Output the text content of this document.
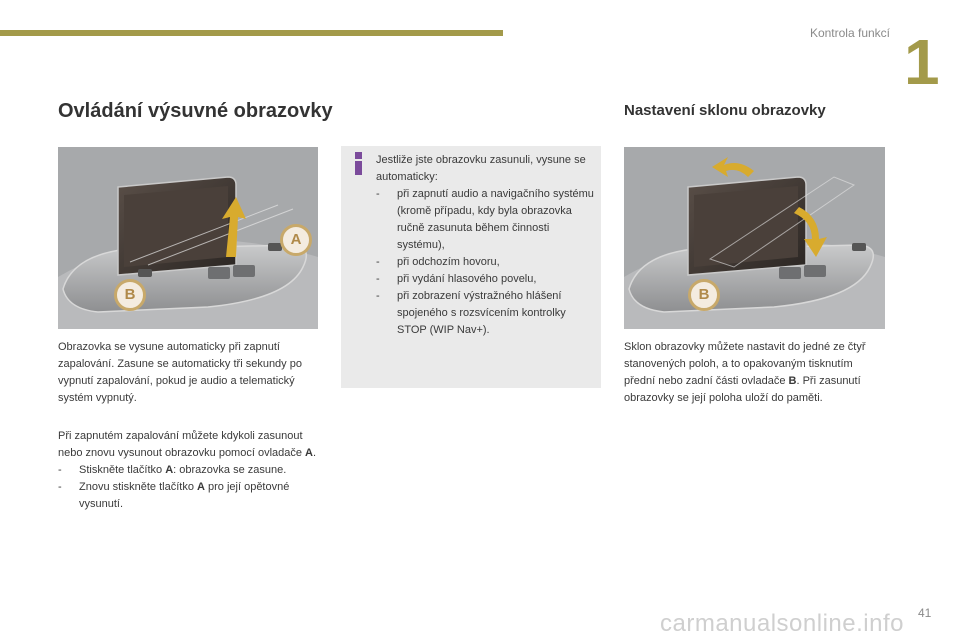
Kontrola funkcí 1
Ovládání výsuvné obrazovky
A
B

Obrazovka se vysune automaticky při zapnutí zapalování. Zasune se automaticky tři sekundy po vypnutí zapalování, pokud je audio a telematický systém vypnutý.

Při zapnutém zapalování můžete kdykoli zasunout nebo znovu vysunout obrazovku pomocí ovladače A.

- Stiskněte tlačítko A: obrazovka se zasune.
- Znovu stiskněte tlačítko A pro její opětovné vysunutí.

Jestliže jste obrazovku zasunuli, vysune se automaticky:

- při zapnutí audio a navigačního systému (kromě případu, kdy byla obrazovka ručně zasunuta během činnosti systému),
- při odchozím hovoru,
- při vydání hlasového povelu,
- při zobrazení výstražného hlášení spojeného s rozsvícením kontrolky STOP (WIP Nav+).
Nastavení sklonu obrazovky
B

Sklon obrazovky můžete nastavit do jedné ze čtyř stanovených poloh, a to opakovaným tisknutím přední nebo zadní části ovladače B. Při zasunutí obrazovky se její poloha uloží do paměti.

carmanualsonline.info 41
